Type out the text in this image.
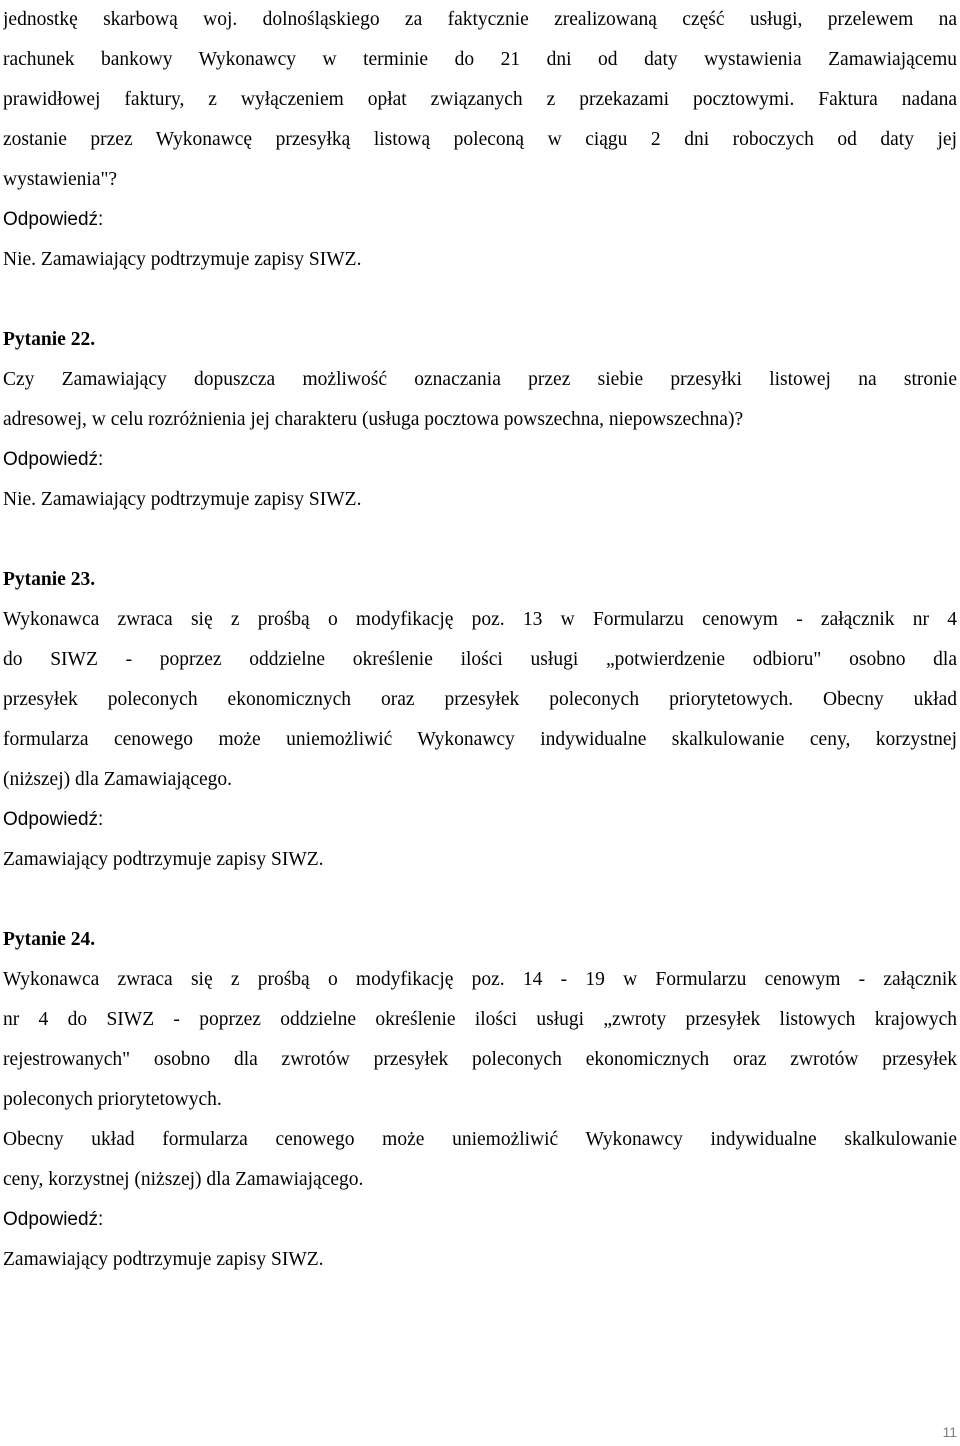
jednostkę skarbową woj. dolnośląskiego za faktycznie zrealizowaną część usługi, przelewem na
rachunek bankowy Wykonawcy w terminie do 21 dni od daty wystawienia Zamawiającemu
prawidłowej faktury, z wyłączeniem opłat związanych z przekazami pocztowymi. Faktura nadana
zostanie przez Wykonawcę przesyłką listową poleconą w ciągu 2 dni roboczych od daty jej
wystawienia"?
Odpowiedź:
Nie. Zamawiający podtrzymuje zapisy SIWZ.
Pytanie 22.
Czy Zamawiający dopuszcza możliwość oznaczania przez siebie przesyłki listowej na stronie
adresowej, w celu rozróżnienia jej charakteru (usługa pocztowa powszechna, niepowszechna)?
Odpowiedź:
Nie. Zamawiający podtrzymuje zapisy SIWZ.
Pytanie 23.
Wykonawca zwraca się z prośbą o modyfikację poz. 13 w Formularzu cenowym - załącznik nr 4
do SIWZ - poprzez oddzielne określenie ilości usługi „potwierdzenie odbioru" osobno dla
przesyłek poleconych ekonomicznych oraz przesyłek poleconych priorytetowych. Obecny układ
formularza cenowego może uniemożliwić Wykonawcy indywidualne skalkulowanie ceny, korzystnej
(niższej) dla Zamawiającego.
Odpowiedź:
Zamawiający podtrzymuje zapisy SIWZ.
Pytanie 24.
Wykonawca zwraca się z prośbą o modyfikację poz. 14 - 19 w Formularzu cenowym - załącznik
nr 4 do SIWZ - poprzez oddzielne określenie ilości usługi „zwroty przesyłek listowych krajowych
rejestrowanych" osobno dla zwrotów przesyłek poleconych ekonomicznych oraz zwrotów przesyłek
poleconych priorytetowych.
Obecny układ formularza cenowego może uniemożliwić Wykonawcy indywidualne skalkulowanie
ceny, korzystnej (niższej) dla Zamawiającego.
Odpowiedź:
Zamawiający podtrzymuje zapisy SIWZ.
11
